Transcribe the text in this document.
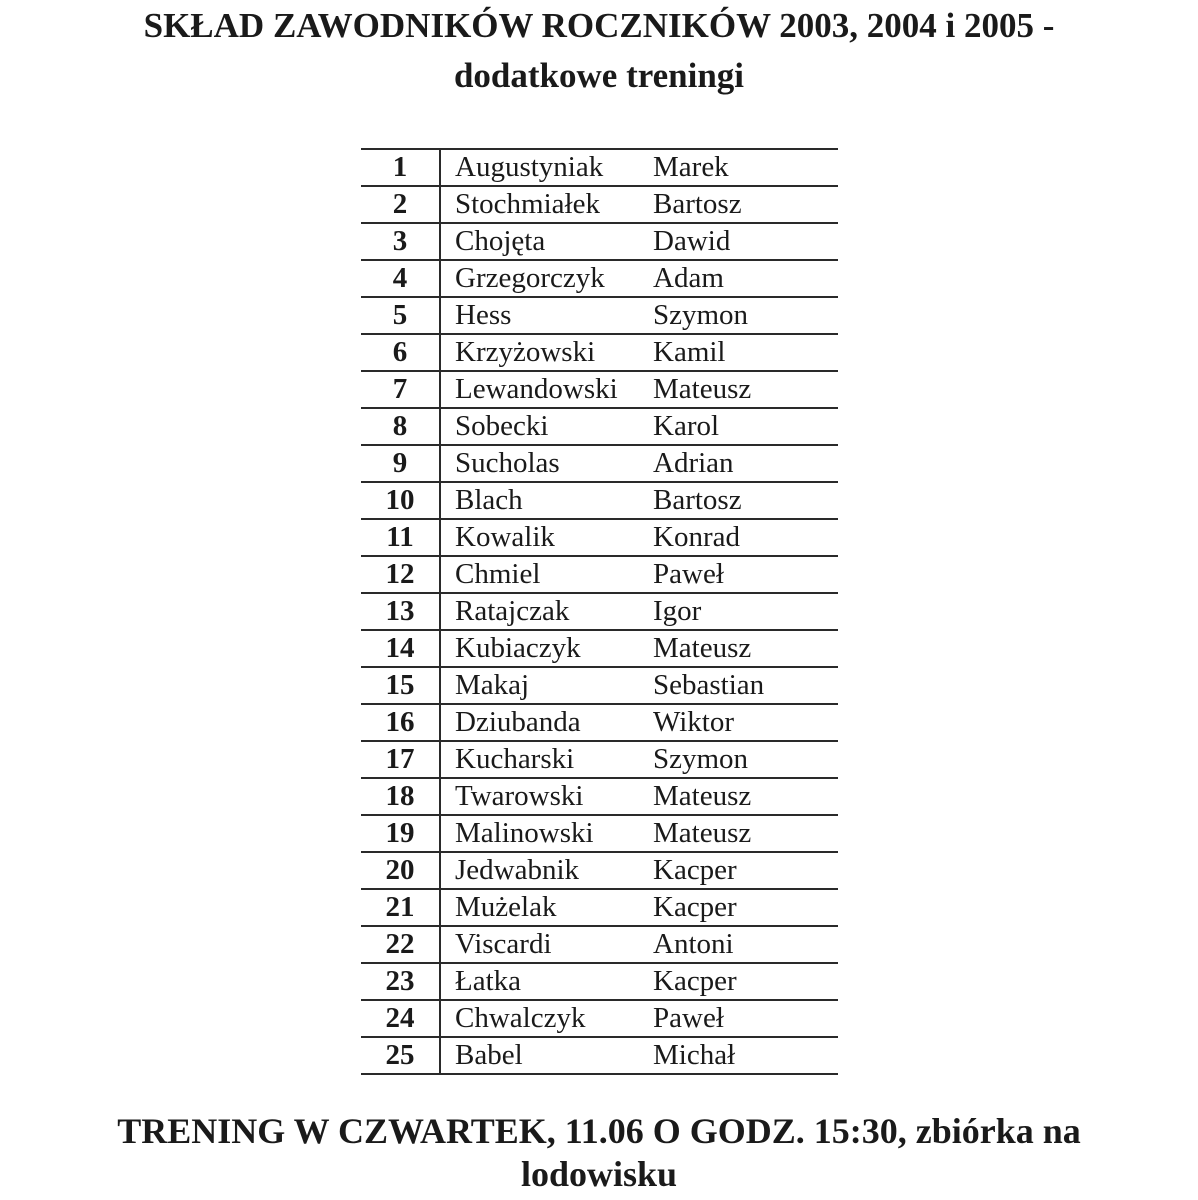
SKŁAD ZAWODNIKÓW ROCZNIKÓW 2003, 2004 i 2005 -
dodatkowe treningi
1	Augustyniak	Marek
2	Stochmiałek	Bartosz
3	Chojęta	Dawid
4	Grzegorczyk	Adam
5	Hess	Szymon
6	Krzyżowski	Kamil
7	Lewandowski	Mateusz
8	Sobecki	Karol
9	Sucholas	Adrian
10	Blach	Bartosz
11	Kowalik	Konrad
12	Chmiel	Paweł
13	Ratajczak	Igor
14	Kubiaczyk	Mateusz
15	Makaj	Sebastian
16	Dziubanda	Wiktor
17	Kucharski	Szymon
18	Twarowski	Mateusz
19	Malinowski	Mateusz
20	Jedwabnik	Kacper
21	Mużelak	Kacper
22	Viscardi	Antoni
23	Łatka	Kacper
24	Chwalczyk	Paweł
25	Babel	Michał

TRENING W CZWARTEK, 11.06 O GODZ. 15:30, zbiórka na

lodowisku
